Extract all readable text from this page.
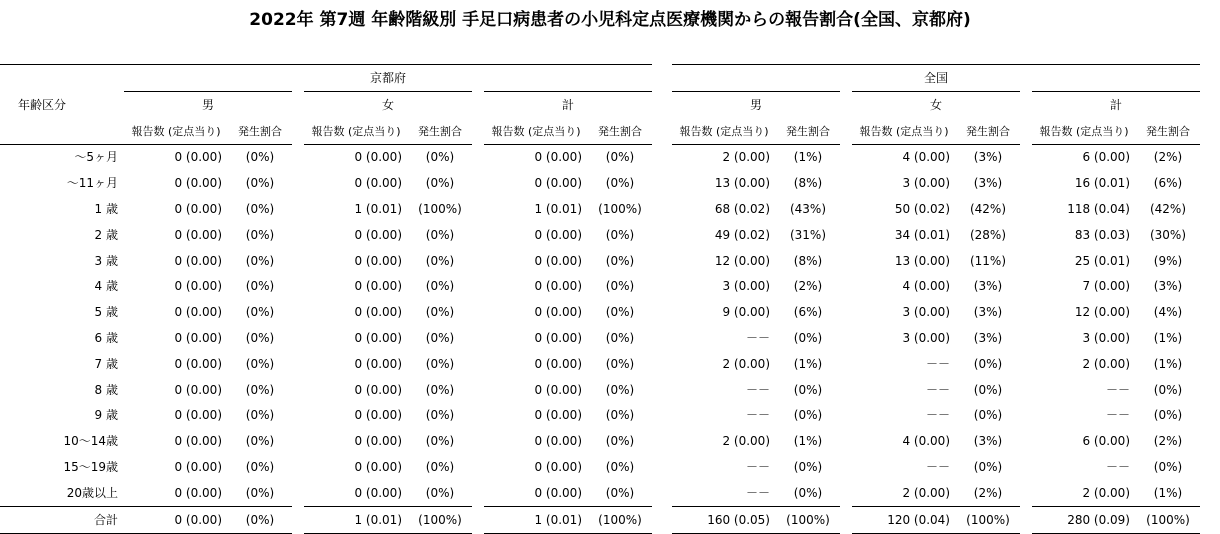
2022年 第7週 年齢階級別 手足口病患者の小児科定点医療機関からの報告割合(全国、京都府)
年齢区分	京都府									全国							
	男			女			計			男			女			計	
	報告数 (定点当り)	発生割合		報告数 (定点当り)	発生割合		報告数 (定点当り)	発生割合		報告数 (定点当り)	発生割合		報告数 (定点当り)	発生割合		報告数 (定点当り)	発生割合
～5ヶ月	0 (0.00)	(0%)		0 (0.00)	(0%)		0 (0.00)	(0%)		2 (0.00)	(1%)		4 (0.00)	(3%)		6 (0.00)	(2%)
～11ヶ月	0 (0.00)	(0%)		0 (0.00)	(0%)		0 (0.00)	(0%)		13 (0.00)	(8%)		3 (0.00)	(3%)		16 (0.01)	(6%)
1 歳	0 (0.00)	(0%)		1 (0.01)	(100%)		1 (0.01)	(100%)		68 (0.02)	(43%)		50 (0.02)	(42%)		118 (0.04)	(42%)
2 歳	0 (0.00)	(0%)		0 (0.00)	(0%)		0 (0.00)	(0%)		49 (0.02)	(31%)		34 (0.01)	(28%)		83 (0.03)	(30%)
3 歳	0 (0.00)	(0%)		0 (0.00)	(0%)		0 (0.00)	(0%)		12 (0.00)	(8%)		13 (0.00)	(11%)		25 (0.01)	(9%)
4 歳	0 (0.00)	(0%)		0 (0.00)	(0%)		0 (0.00)	(0%)		3 (0.00)	(2%)		4 (0.00)	(3%)		7 (0.00)	(3%)
5 歳	0 (0.00)	(0%)		0 (0.00)	(0%)		0 (0.00)	(0%)		9 (0.00)	(6%)		3 (0.00)	(3%)		12 (0.00)	(4%)
6 歳	0 (0.00)	(0%)		0 (0.00)	(0%)		0 (0.00)	(0%)		－－	(0%)		3 (0.00)	(3%)		3 (0.00)	(1%)
7 歳	0 (0.00)	(0%)		0 (0.00)	(0%)		0 (0.00)	(0%)		2 (0.00)	(1%)		－－	(0%)		2 (0.00)	(1%)
8 歳	0 (0.00)	(0%)		0 (0.00)	(0%)		0 (0.00)	(0%)		－－	(0%)		－－	(0%)		－－	(0%)
9 歳	0 (0.00)	(0%)		0 (0.00)	(0%)		0 (0.00)	(0%)		－－	(0%)		－－	(0%)		－－	(0%)
10～14歳	0 (0.00)	(0%)		0 (0.00)	(0%)		0 (0.00)	(0%)		2 (0.00)	(1%)		4 (0.00)	(3%)		6 (0.00)	(2%)
15～19歳	0 (0.00)	(0%)		0 (0.00)	(0%)		0 (0.00)	(0%)		－－	(0%)		－－	(0%)		－－	(0%)
20歳以上	0 (0.00)	(0%)		0 (0.00)	(0%)		0 (0.00)	(0%)		－－	(0%)		2 (0.00)	(2%)		2 (0.00)	(1%)
合計	0 (0.00)	(0%)		1 (0.01)	(100%)		1 (0.01)	(100%)		160 (0.05)	(100%)		120 (0.04)	(100%)		280 (0.09)	(100%)
